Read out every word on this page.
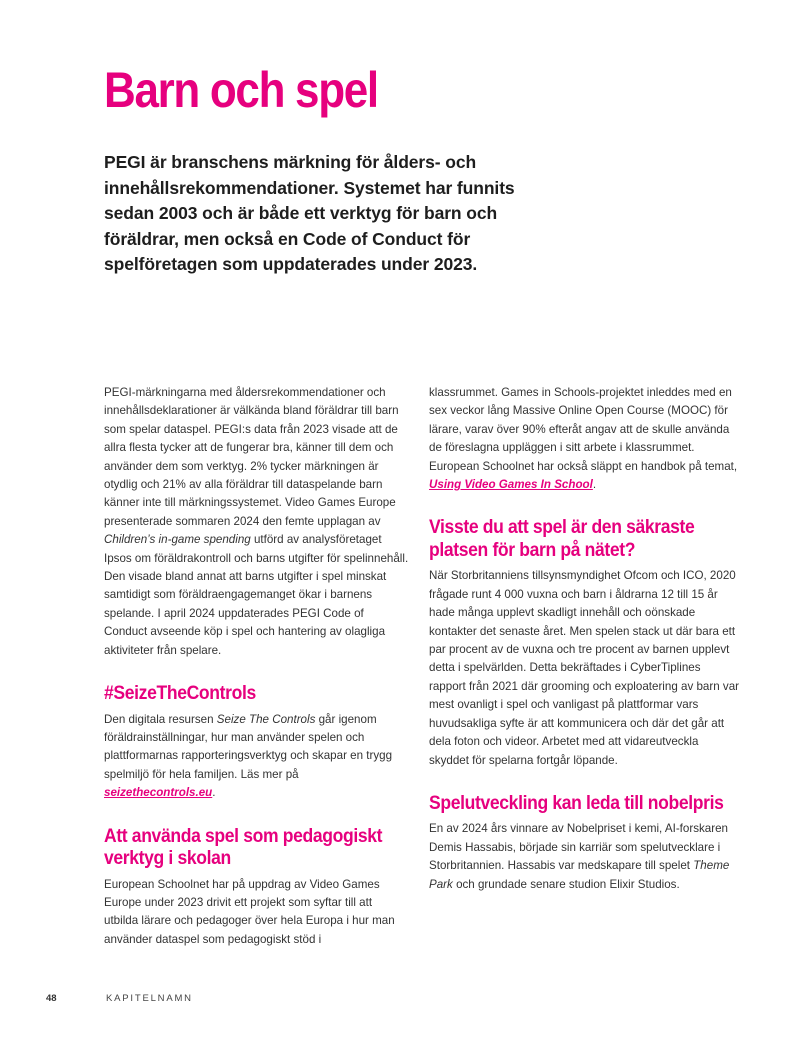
Barn och spel

PEGI är branschens märkning för ålders- och innehållsrekommendationer. Systemet har funnits sedan 2003 och är både ett verktyg för barn och föräldrar, men också en Code of Conduct för spelföretagen som uppdaterades under 2023.

PEGI-märkningarna med åldersrekommendationer och innehållsdeklarationer är välkända bland föräldrar till barn som spelar dataspel. PEGI:s data från 2023 visade att de allra flesta tycker att de fungerar bra, känner till dem och använder dem som verktyg. 2% tycker märkningen är otydlig och 21% av alla föräldrar till dataspelande barn känner inte till märkningssystemet. Video Games Europe presenterade sommaren 2024 den femte upplagan av Children’s in-game spending utförd av analysföretaget Ipsos om föräldrakontroll och barns utgifter för spelinnehåll. Den visade bland annat att barns utgifter i spel minskat samtidigt som föräldraengagemanget ökar i barnens spelande. I april 2024 uppdaterades PEGI Code of Conduct avseende köp i spel och hantering av olagliga aktiviteter från spelare.

#SeizeTheControls

Den digitala resursen Seize The Controls går igenom föräldrainställningar, hur man använder spelen och plattformarnas rapporteringsverktyg och skapar en trygg spelmiljö för hela familjen. Läs mer på seizethecontrols.eu.

Att använda spel som pedagogiskt verktyg i skolan

European Schoolnet har på uppdrag av Video Games Europe under 2023 drivit ett projekt som syftar till att utbilda lärare och pedagoger över hela Europa i hur man använder dataspel som pedagogiskt stöd i

klassrummet. Games in Schools-projektet inleddes med en sex veckor lång Massive Online Open Course (MOOC) för lärare, varav över 90% efteråt angav att de skulle använda de föreslagna uppläggen i sitt arbete i klassrummet. European Schoolnet har också släppt en handbok på temat, Using Video Games In School.

Visste du att spel är den säkraste platsen för barn på nätet?

När Storbritanniens tillsynsmyndighet Ofcom och ICO, 2020 frågade runt 4 000 vuxna och barn i åldrarna 12 till 15 år hade många upplevt skadligt innehåll och oönskade kontakter det senaste året. Men spelen stack ut där bara ett par procent av de vuxna och tre procent av barnen upplevt detta i spelvärlden. Detta bekräftades i CyberTiplines rapport från 2021 där grooming och exploatering av barn var mest ovanligt i spel och vanligast på plattformar vars huvudsakliga syfte är att kommunicera och där det går att dela foton och videor. Arbetet med att vidareutveckla skyddet för spelarna fortgår löpande.

Spelutveckling kan leda till nobelpris

En av 2024 års vinnare av Nobelpriset i kemi, AI-forskaren Demis Hassabis, började sin karriär som spelutvecklare i Storbritannien. Hassabis var medskapare till spelet Theme Park och grundade senare studion Elixir Studios.

48	KAPITELNAMN
